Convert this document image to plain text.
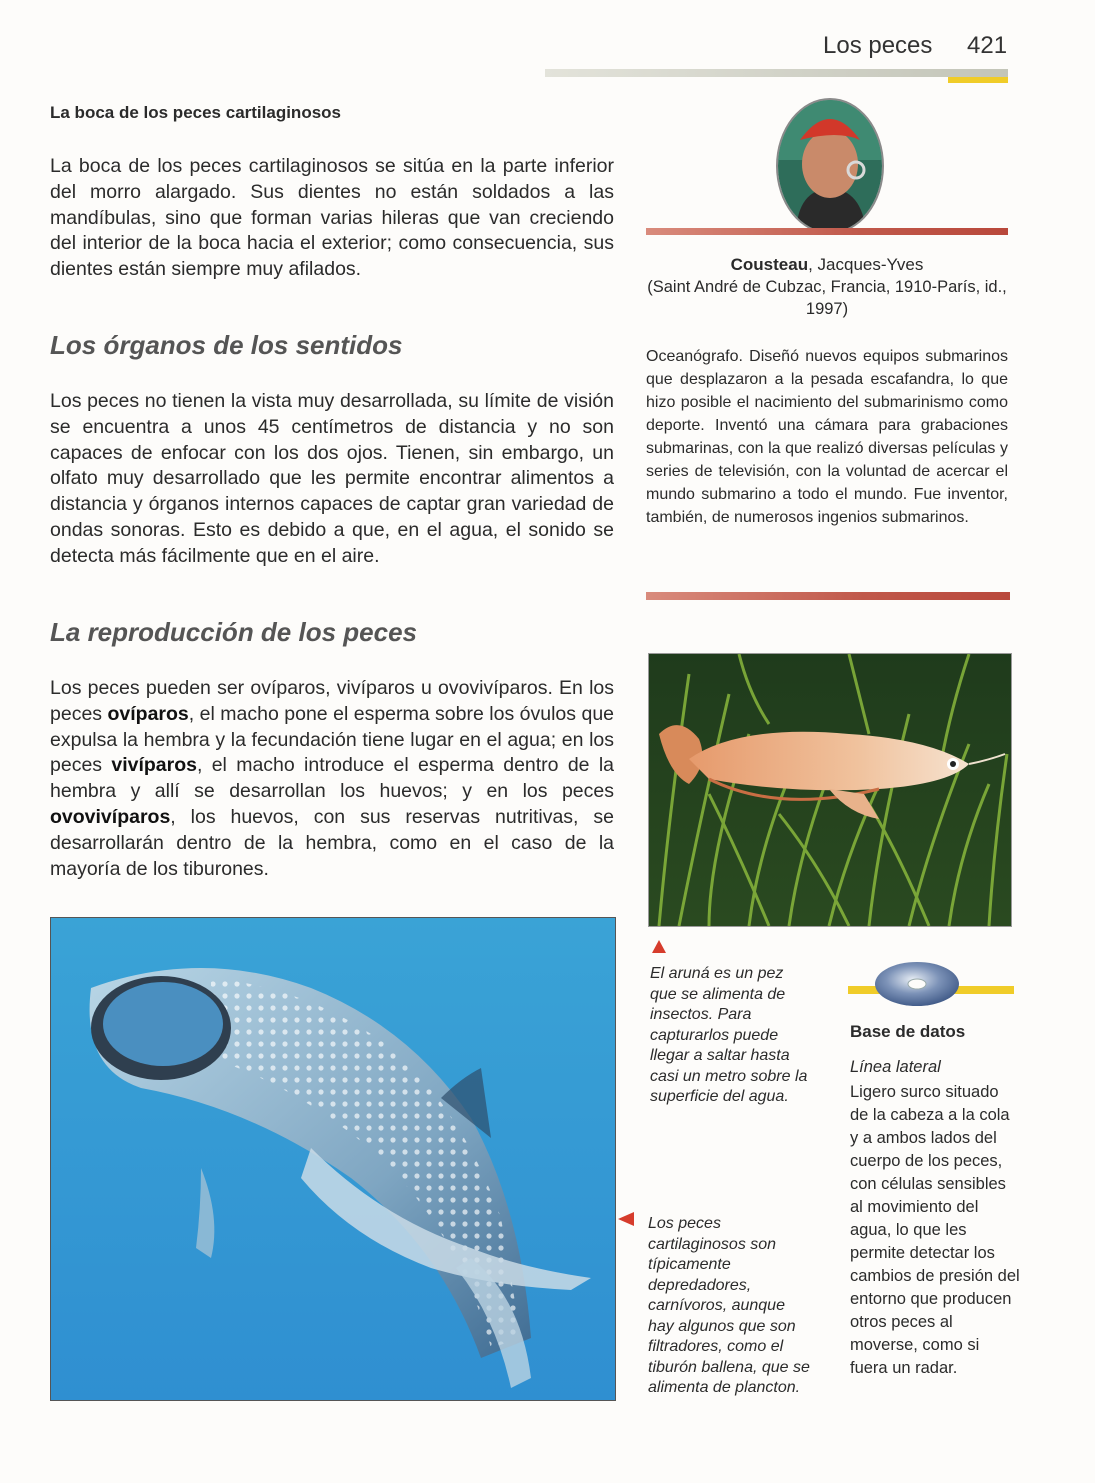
Los peces 421
La boca de los peces cartilaginosos
La boca de los peces cartilaginosos se sitúa en la parte inferior del morro alargado. Sus dientes no están soldados a las mandíbulas, sino que forman varias hileras que van creciendo del interior de la boca hacia el exterior; como consecuencia, sus dientes están siempre muy afilados.
Los órganos de los sentidos
Los peces no tienen la vista muy desarrollada, su límite de visión se encuentra a unos 45 centímetros de distancia y no son capaces de enfocar con los dos ojos. Tienen, sin embargo, un olfato muy desarrollado que les permite encontrar alimentos a distancia y órganos internos capaces de captar gran variedad de ondas sonoras. Esto es debido a que, en el agua, el sonido se detecta más fácilmente que en el aire.
La reproducción de los peces
Los peces pueden ser ovíparos, vivíparos u ovovivíparos. En los peces ovíparos, el macho pone el esperma sobre los óvulos que expulsa la hembra y la fecundación tiene lugar en el agua; en los peces vivíparos, el macho introduce el esperma dentro de la hembra y allí se desarrollan los huevos; y en los peces ovovivíparos, los huevos, con sus reservas nutritivas, se desarrollarán dentro de la hembra, como en el caso de la mayoría de los tiburones.
Cousteau, Jacques-Yves
(Saint André de Cubzac, Francia, 1910-París, id., 1997)
Oceanógrafo. Diseñó nuevos equipos submarinos que desplazaron a la pesada escafandra, lo que hizo posible el nacimiento del submarinismo como deporte. Inventó una cámara para grabaciones submarinas, con la que realizó diversas películas y series de televisión, con la voluntad de acercar el mundo submarino a todo el mundo. Fue inventor, también, de numerosos ingenios submarinos.
El aruná es un pez que se alimenta de insectos. Para capturarlos puede llegar a saltar hasta casi un metro sobre la superficie del agua.
Los peces cartilaginosos son típicamente depredadores, carnívoros, aunque hay algunos que son filtradores, como el tiburón ballena, que se alimenta de plancton.
Base de datos
Línea lateral
Ligero surco situado de la cabeza a la cola y a ambos lados del cuerpo de los peces, con células sensibles al movimiento del agua, lo que les permite detectar los cambios de presión del entorno que producen otros peces al moverse, como si fuera un radar.
